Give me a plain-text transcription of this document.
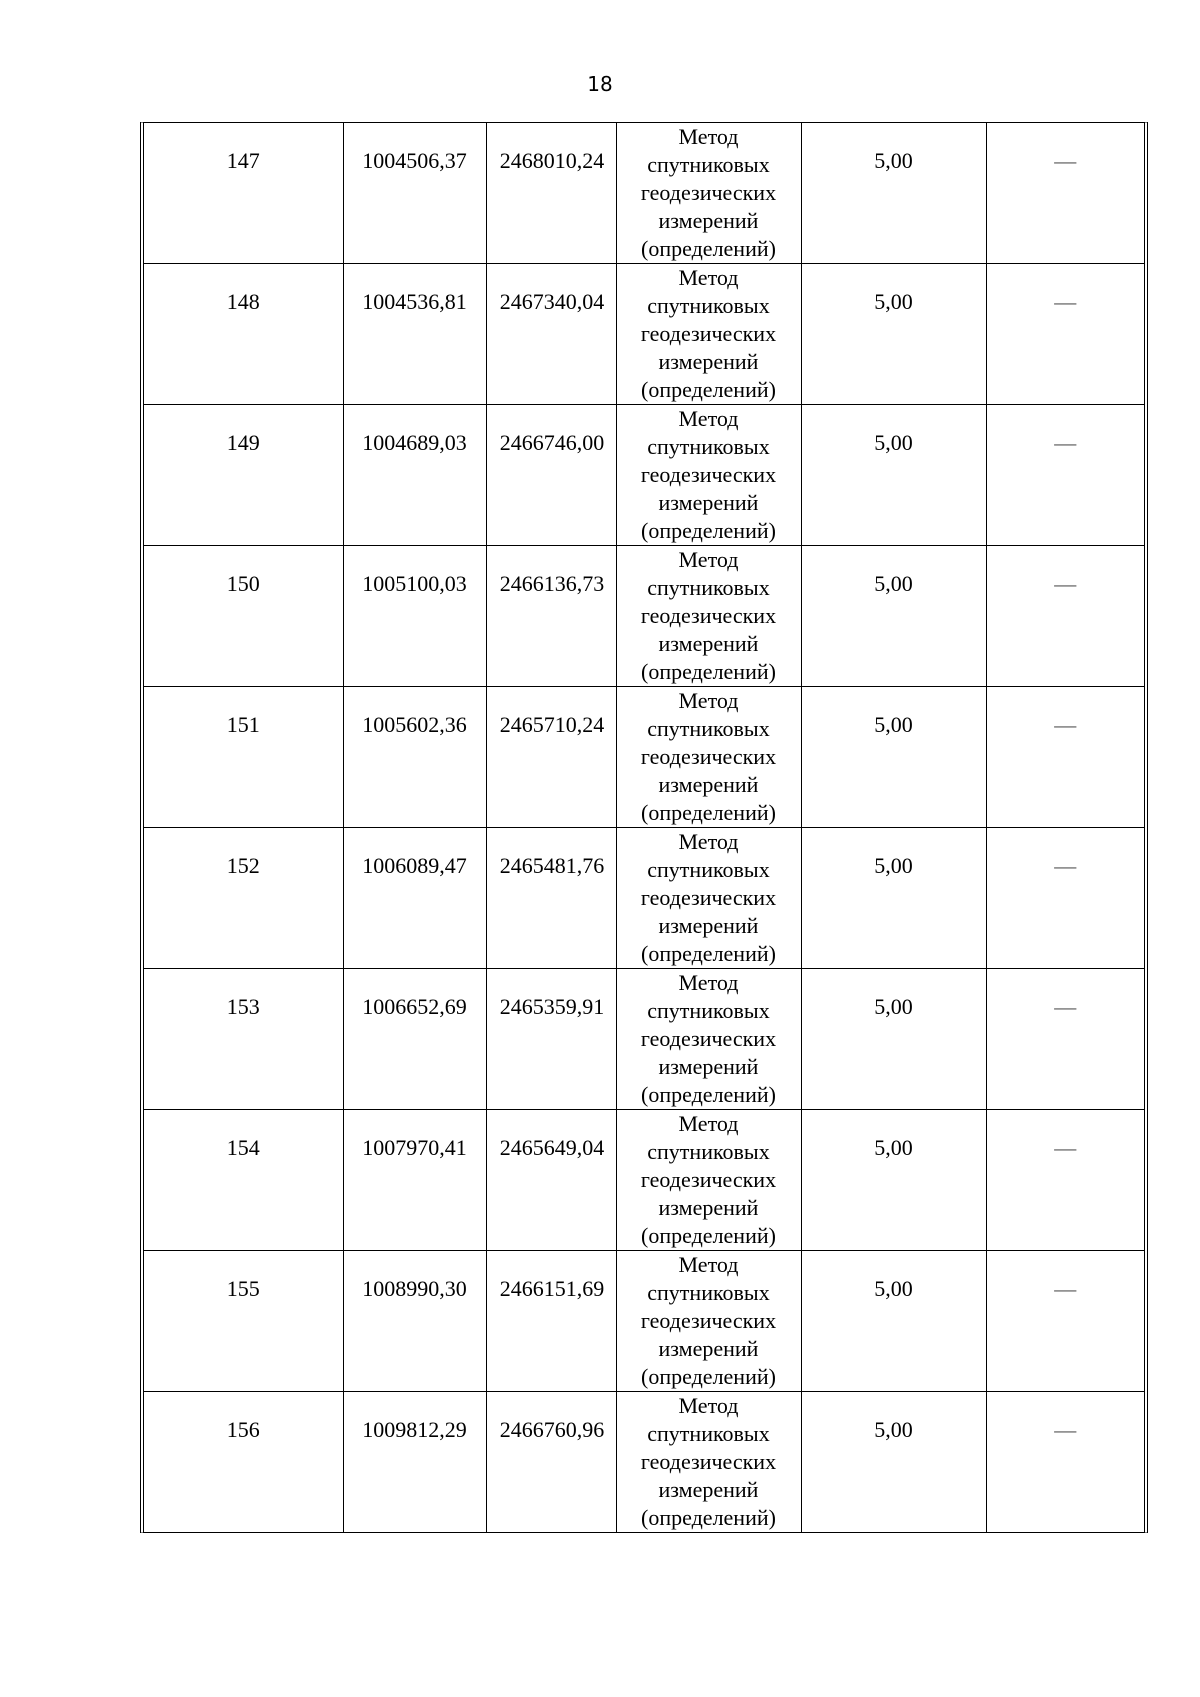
18
147	1004506,37	2468010,24	Метод спутниковых геодезических измерений (определений)	5,00	—

148	1004536,81	2467340,04	Метод спутниковых геодезических измерений (определений)	5,00	—

149	1004689,03	2466746,00	Метод спутниковых геодезических измерений (определений)	5,00	—

150	1005100,03	2466136,73	Метод спутниковых геодезических измерений (определений)	5,00	—

151	1005602,36	2465710,24	Метод спутниковых геодезических измерений (определений)	5,00	—

152	1006089,47	2465481,76	Метод спутниковых геодезических измерений (определений)	5,00	—

153	1006652,69	2465359,91	Метод спутниковых геодезических измерений (определений)	5,00	—

154	1007970,41	2465649,04	Метод спутниковых геодезических измерений (определений)	5,00	—

155	1008990,30	2466151,69	Метод спутниковых геодезических измерений (определений)	5,00	—

156	1009812,29	2466760,96	Метод спутниковых геодезических измерений (определений)	5,00	—
